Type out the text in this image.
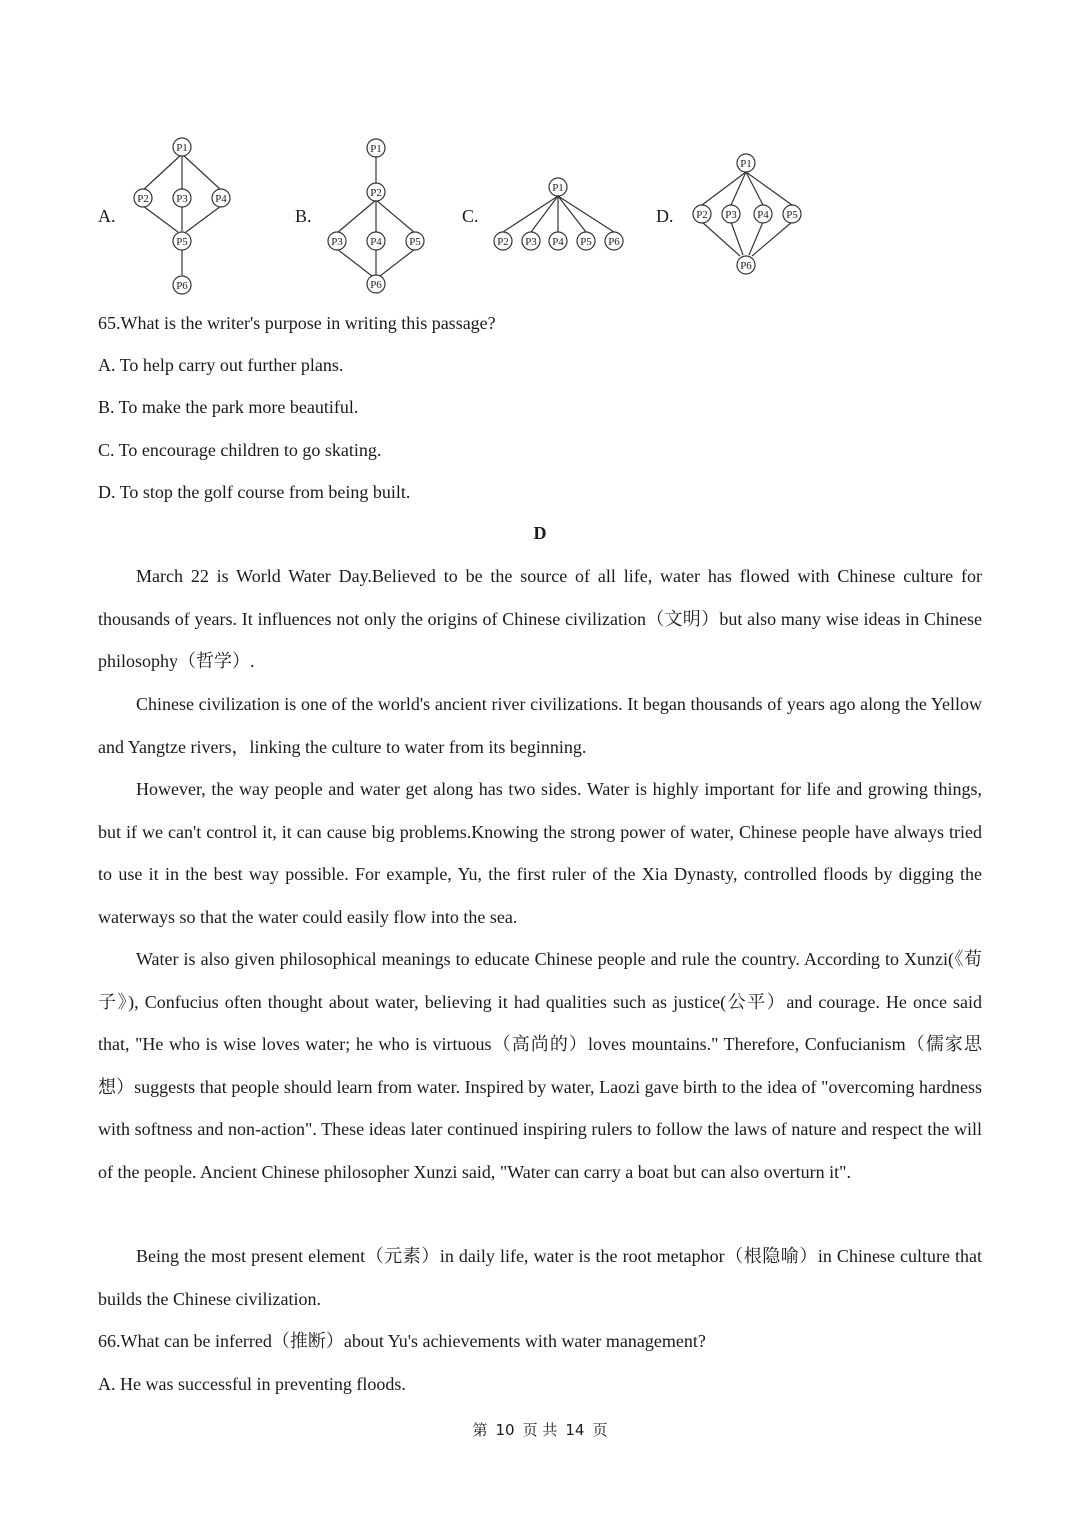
A.
P1
P2 P3 P4
P5
P6
B.
P1
P2
P3 P4 P5
P6
C.
P1
P2 P3 P4 P5 P6
D.
P1
P2 P3 P4 P5
P6
65.What is the writer's purpose in writing this passage?
A. To help carry out further plans.
B. To make the park more beautiful.
C. To encourage children to go skating.
D. To stop the golf course from being built.
D

March 22 is World Water Day.Believed to be the source of all life, water has flowed with Chinese culture for thousands of years. It influences not only the origins of Chinese civilization（文明）but also many wise ideas in Chinese philosophy（哲学）.

Chinese civilization is one of the world's ancient river civilizations. It began thousands of years ago along the Yellow and Yangtze rivers，linking the culture to water from its beginning.

However, the way people and water get along has two sides. Water is highly important for life and growing things, but if we can't control it, it can cause big problems.Knowing the strong power of water, Chinese people have always tried to use it in the best way possible. For example, Yu, the first ruler of the Xia Dynasty, controlled floods by digging the waterways so that the water could easily flow into the sea.

Water is also given philosophical meanings to educate Chinese people and rule the country. According to Xunzi(《荀子》), Confucius often thought about water, believing it had qualities such as justice(公平）and courage. He once said that, "He who is wise loves water; he who is virtuous（高尚的）loves mountains." Therefore, Confucianism（儒家思想）suggests that people should learn from water. Inspired by water, Laozi gave birth to the idea of "overcoming hardness with softness and non-action". These ideas later continued inspiring rulers to follow the laws of nature and respect the will of the people. Ancient Chinese philosopher Xunzi said, "Water can carry a boat but can also overturn it".

Being the most present element（元素）in daily life, water is the root metaphor（根隐喻）in Chinese culture that builds the Chinese civilization.

66.What can be inferred（推断）about Yu's achievements with water management?
A. He was successful in preventing floods.
第 10 页 共 14 页
